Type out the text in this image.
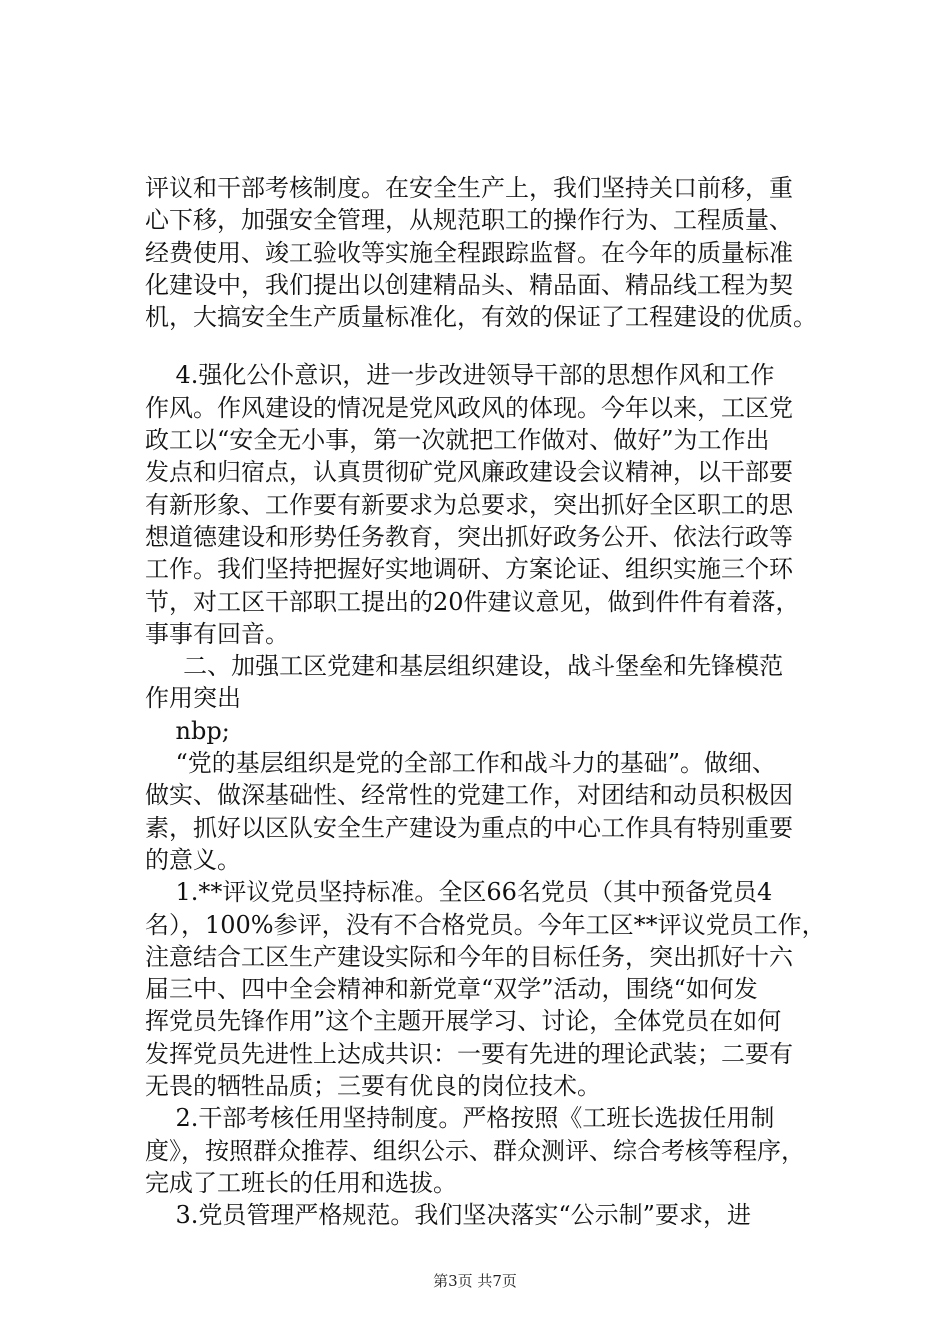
评议和干部考核制度。在安全生产上，我们坚持关口前移，重
心下移，加强安全管理，从规范职工的操作行为、工程质量、
经费使用、竣工验收等实施全程跟踪监督。在今年的质量标准
化建设中，我们提出以创建精品头、精品面、精品线工程为契
机，大搞安全生产质量标准化，有效的保证了工程建设的优质。
4.强化公仆意识，进一步改进领导干部的思想作风和工作
作风。作风建设的情况是党风政风的体现。今年以来，工区党
政工以“安全无小事，第一次就把工作做对、做好”为工作出
发点和归宿点，认真贯彻矿党风廉政建设会议精神，以干部要
有新形象、工作要有新要求为总要求，突出抓好全区职工的思
想道德建设和形势任务教育，突出抓好政务公开、依法行政等
工作。我们坚持把握好实地调研、方案论证、组织实施三个环
节，对工区干部职工提出的20件建议意见，做到件件有着落，
事事有回音。
二、加强工区党建和基层组织建设，战斗堡垒和先锋模范
作用突出
nbp;
“党的基层组织是党的全部工作和战斗力的基础”。做细、
做实、做深基础性、经常性的党建工作，对团结和动员积极因
素，抓好以区队安全生产建设为重点的中心工作具有特别重要
的意义。
1.**评议党员坚持标准。全区66名党员（其中预备党员4
名），100%参评，没有不合格党员。今年工区**评议党员工作，
注意结合工区生产建设实际和今年的目标任务，突出抓好十六
届三中、四中全会精神和新党章“双学”活动，围绕“如何发
挥党员先锋作用”这个主题开展学习、讨论，全体党员在如何
发挥党员先进性上达成共识：一要有先进的理论武装；二要有
无畏的牺牲品质；三要有优良的岗位技术。
2.干部考核任用坚持制度。严格按照《工班长选拔任用制
度》，按照群众推荐、组织公示、群众测评、综合考核等程序，
完成了工班长的任用和选拔。
3.党员管理严格规范。我们坚决落实“公示制”要求，进
第3页 共7页
